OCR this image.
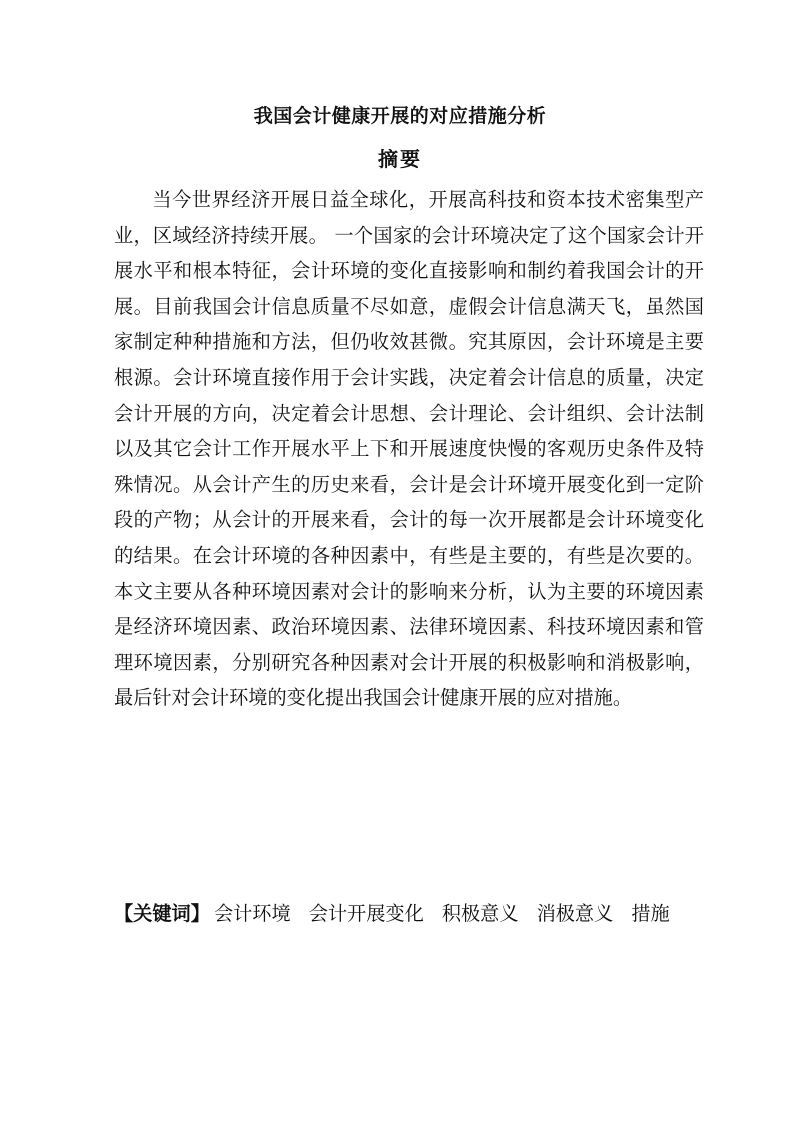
我国会计健康开展的对应措施分析
摘要

当今世界经济开展日益全球化，开展高科技和资本技术密集型产业，区域经济持续开展。 一个国家的会计环境决定了这个国家会计开展水平和根本特征，会计环境的变化直接影响和制约着我国会计的开展。目前我国会计信息质量不尽如意，虚假会计信息满天飞，虽然国家制定种种措施和方法，但仍收效甚微。究其原因，会计环境是主要根源。会计环境直接作用于会计实践，决定着会计信息的质量，决定会计开展的方向，决定着会计思想、会计理论、会计组织、会计法制以及其它会计工作开展水平上下和开展速度快慢的客观历史条件及特殊情况。从会计产生的历史来看，会计是会计环境开展变化到一定阶段的产物；从会计的开展来看，会计的每一次开展都是会计环境变化的结果。在会计环境的各种因素中，有些是主要的，有些是次要的。本文主要从各种环境因素对会计的影响来分析，认为主要的环境因素是经济环境因素、政治环境因素、法律环境因素、科技环境因素和管理环境因素，分别研究各种因素对会计开展的积极影响和消极影响，最后针对会计环境的变化提出我国会计健康开展的应对措施。

【关键词】 会计环境 会计开展变化 积极意义 消极意义 措施
